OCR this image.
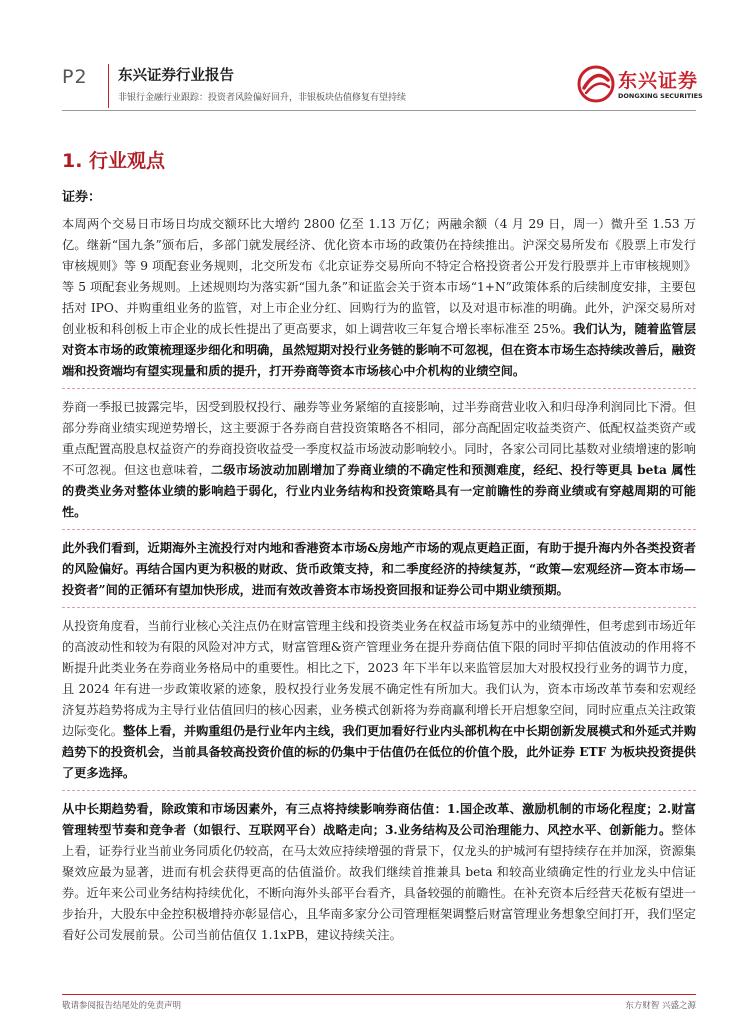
P2 东兴证券行业报告
非银行金融行业跟踪：投资者风险偏好回升，非银板块估值修复有望持续
东兴证券
DONGXING SECURITIES
1. 行业观点
证券：

本周两个交易日市场日均成交额环比大增约 2800 亿至 1.13 万亿；两融余额（4 月 29 日，周一）微升至 1.53 万亿。继新“国九条”颁布后，多部门就发展经济、优化资本市场的政策仍在持续推出。沪深交易所发布《股票上市发行审核规则》等 9 项配套业务规则，北交所发布《北京证券交易所向不特定合格投资者公开发行股票并上市审核规则》等 5 项配套业务规则。上述规则均为落实新“国九条”和证监会关于资本市场“1+N”政策体系的后续制度安排，主要包括对 IPO、并购重组业务的监管，对上市企业分红、回购行为的监管，以及对退市标准的明确。此外，沪深交易所对创业板和科创板上市企业的成长性提出了更高要求，如上调营收三年复合增长率标准至 25%。我们认为，随着监管层对资本市场的政策梳理逐步细化和明确，虽然短期对投行业务链的影响不可忽视，但在资本市场生态持续改善后，融资端和投资端均有望实现量和质的提升，打开券商等资本市场核心中介机构的业绩空间。

券商一季报已披露完毕，因受到股权投行、融券等业务紧缩的直接影响，过半券商营业收入和归母净利润同比下滑。但部分券商业绩实现逆势增长，这主要源于各券商自营投资策略各不相同，部分高配固定收益类资产、低配权益类资产或重点配置高股息权益资产的券商投资收益受一季度权益市场波动影响较小。同时，各家公司同比基数对业绩增速的影响不可忽视。但这也意味着，二级市场波动加剧增加了券商业绩的不确定性和预测难度，经纪、投行等更具 beta 属性的费类业务对整体业绩的影响趋于弱化，行业内业务结构和投资策略具有一定前瞻性的券商业绩或有穿越周期的可能性。

此外我们看到，近期海外主流投行对内地和香港资本市场&房地产市场的观点更趋正面，有助于提升海内外各类投资者的风险偏好。再结合国内更为积极的财政、货币政策支持，和二季度经济的持续复苏，“政策—宏观经济—资本市场—投资者”间的正循环有望加快形成，进而有效改善资本市场投资回报和证券公司中期业绩预期。

从投资角度看，当前行业核心关注点仍在财富管理主线和投资类业务在权益市场复苏中的业绩弹性，但考虑到市场近年的高波动性和较为有限的风险对冲方式，财富管理&资产管理业务在提升券商估值下限的同时平抑估值波动的作用将不断提升此类业务在券商业务格局中的重要性。相比之下，2023 年下半年以来监管层加大对股权投行业务的调节力度，且 2024 年有进一步政策收紧的迹象，股权投行业务发展不确定性有所加大。我们认为，资本市场改革节奏和宏观经济复苏趋势将成为主导行业估值回归的核心因素，业务模式创新将为券商赢利增长开启想象空间，同时应重点关注政策边际变化。整体上看，并购重组仍是行业年内主线，我们更加看好行业内头部机构在中长期创新发展模式和外延式并购趋势下的投资机会，当前具备较高投资价值的标的仍集中于估值仍在低位的价值个股，此外证券 ETF 为板块投资提供了更多选择。

从中长期趋势看，除政策和市场因素外，有三点将持续影响券商估值：1.国企改革、激励机制的市场化程度；2.财富管理转型节奏和竞争者（如银行、互联网平台）战略走向；3.业务结构及公司治理能力、风控水平、创新能力。整体上看，证券行业当前业务同质化仍较高，在马太效应持续增强的背景下，仅龙头的护城河有望持续存在并加深，资源集聚效应最为显著，进而有机会获得更高的估值溢价。故我们继续首推兼具 beta 和较高业绩确定性的行业龙头中信证券。近年来公司业务结构持续优化，不断向海外头部平台看齐，具备较强的前瞻性。在补充资本后经营天花板有望进一步抬升，大股东中金控积极增持亦彰显信心，且华南多家分公司管理框架调整后财富管理业务想象空间打开，我们坚定看好公司发展前景。公司当前估值仅 1.1xPB，建议持续关注。

敬请参阅报告结尾处的免责声明	东方财智 兴盛之源
